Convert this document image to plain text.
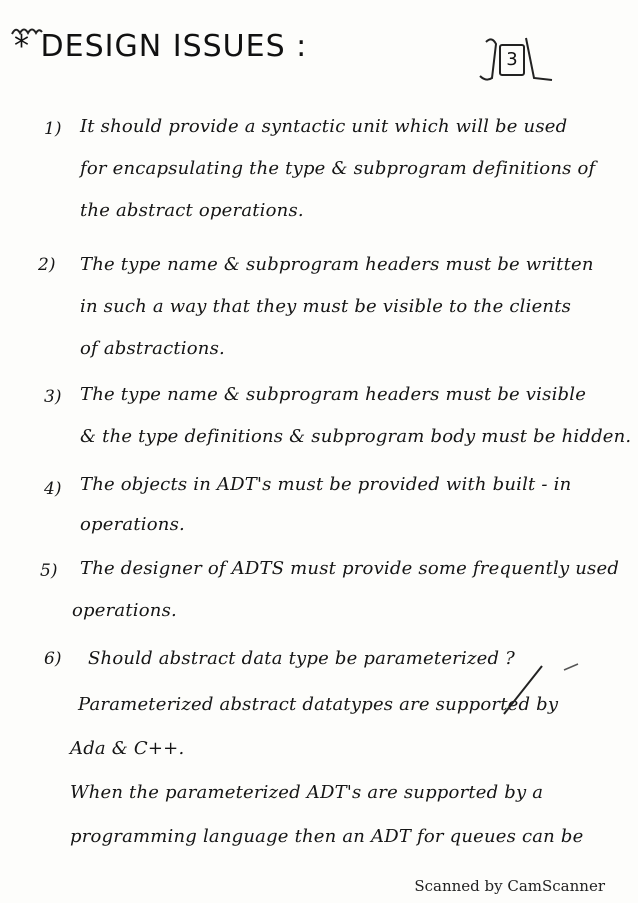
* DESIGN ISSUES :	3
1) It should provide a syntactic unit which will be used
for encapsulating the type & subprogram definitions of
the abstract operations.
2) The type name & subprogram headers must be written
in such a way that they must be visible to the clients
of abstractions.
3) The type name & subprogram headers must be visible
& the type definitions & subprogram body must be hidden.
4) The objects in ADT's must be provided with built - in
operations.
5) The designer of ADTS must provide some frequently used
operations.
6) Should abstract data type be parameterized ?
Parameterized abstract datatypes are supported by
Ada & C++.
When the parameterized ADT's are supported by a
programming language then an ADT for queues can be
Scanned by CamScanner
